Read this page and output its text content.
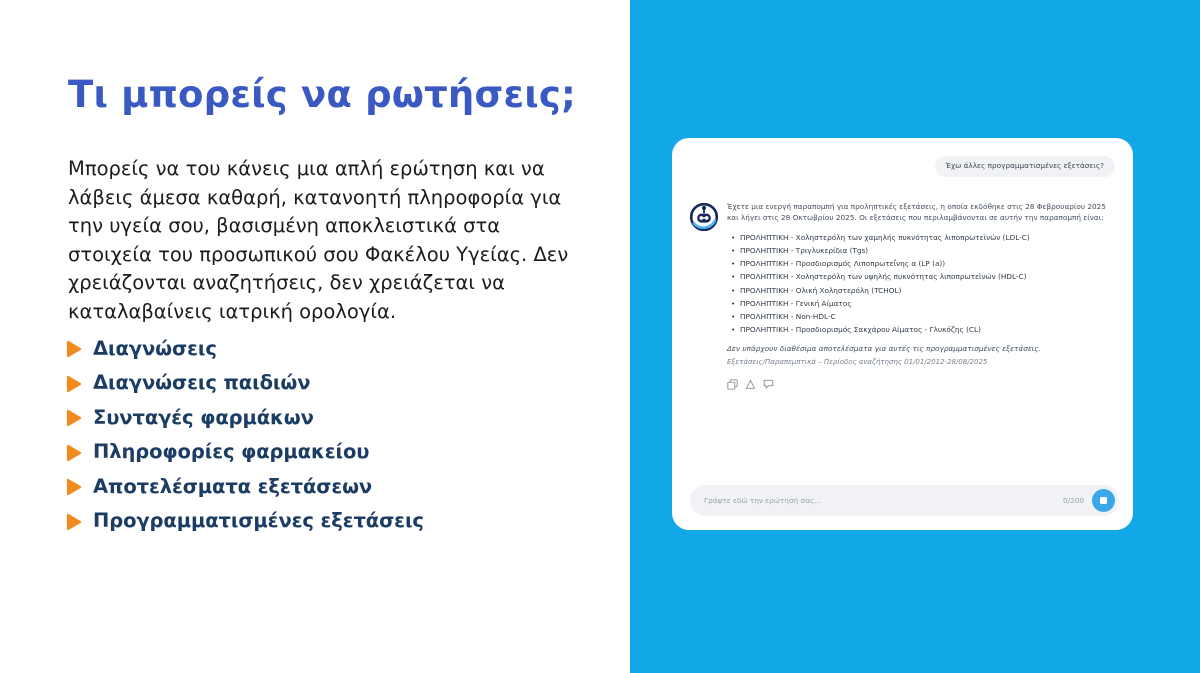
Τι μπορείς να ρωτήσεις;
Μπορείς να του κάνεις μια απλή ερώτηση και να λάβεις άμεσα καθαρή, κατανοητή πληροφορία για την υγεία σου, βασισμένη αποκλειστικά στα στοιχεία του προσωπικού σου Φακέλου Υγείας. Δεν χρειάζονται αναζητήσεις, δεν χρειάζεται να καταλαβαίνεις ιατρική ορολογία.
Διαγνώσεις
Διαγνώσεις παιδιών
Συνταγές φαρμάκων
Πληροφορίες φαρμακείου
Αποτελέσματα εξετάσεων
Προγραμματισμένες εξετάσεις
Έχω άλλες προγραμματισμένες εξετάσεις?

Έχετε μια ενεργή παραπομπή για προληπτικές εξετάσεις, η οποία εκδόθηκε στις 28 Φεβρουαρίου 2025 και λήγει στις 28 Οκτωβρίου 2025. Οι εξετάσεις που περιλαμβάνονται σε αυτήν την παραπομπή είναι:

• ΠΡΟΛΗΠΤΙΚΗ - Χοληστερόλη των χαμηλής πυκνότητας λιποπρωτεϊνών (LDL-C)
• ΠΡΟΛΗΠΤΙΚΗ - Τριγλυκερίδια (Tgs)
• ΠΡΟΛΗΠΤΙΚΗ - Προσδιορισμός Λιποπρωτεΐνης α (LP (a))
• ΠΡΟΛΗΠΤΙΚΗ - Χοληστερόλη των υψηλής πυκνότητας λιποπρωτεϊνών (HDL-C)
• ΠΡΟΛΗΠΤΙΚΗ - Ολική Χοληστερόλη (TCHOL)
• ΠΡΟΛΗΠΤΙΚΗ - Γενική Αίματος
• ΠΡΟΛΗΠΤΙΚΗ - Non-HDL-C
• ΠΡΟΛΗΠΤΙΚΗ - Προσδιορισμός Σακχάρου Αίματος - Γλυκόζης (CL)
Δεν υπάρχουν διαθέσιμα αποτελέσματα για αυτές τις προγραμματισμένες εξετάσεις.
Εξετάσεις/Παραπεμπτικά – Περίοδος αναζήτησης 01/01/2012-28/08/2025
Γράψτε εδώ την ερώτησή σας...
0/200
